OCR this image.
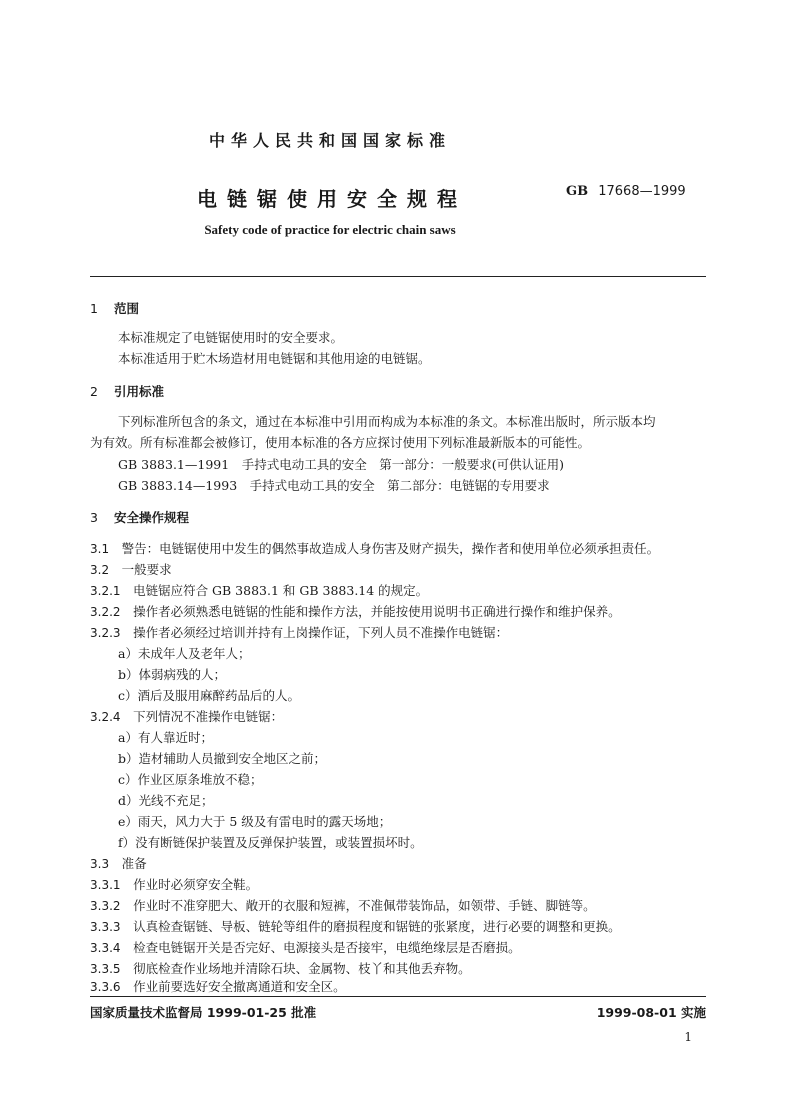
中华人民共和国国家标准
电链锯使用安全规程	GB 17668—1999
Safety code of practice for electric chain saws
1 范围
本标准规定了电链锯使用时的安全要求。
本标准适用于贮木场造材用电链锯和其他用途的电链锯。
2 引用标准
下列标准所包含的条文，通过在本标准中引用而构成为本标准的条文。本标准出版时，所示版本均
为有效。所有标准都会被修订，使用本标准的各方应探讨使用下列标准最新版本的可能性。
GB 3883.1—1991　手持式电动工具的安全　第一部分：一般要求(可供认证用)
GB 3883.14—1993　手持式电动工具的安全　第二部分：电链锯的专用要求
3 安全操作规程
3.1　 警告：电链锯使用中发生的偶然事故造成人身伤害及财产损失，操作者和使用单位必须承担责任。
3.2　 一般要求
3.2.1　 电链锯应符合 GB 3883.1 和 GB 3883.14 的规定。
3.2.2　 操作者必须熟悉电链锯的性能和操作方法，并能按使用说明书正确进行操作和维护保养。
3.2.3　 操作者必须经过培训并持有上岗操作证，下列人员不准操作电链锯：
a）未成年人及老年人；
b）体弱病残的人；
c）酒后及服用麻醉药品后的人。
3.2.4　 下列情况不准操作电链锯：
a）有人靠近时；
b）造材辅助人员撤到安全地区之前；
c）作业区原条堆放不稳；
d）光线不充足；
e）雨天，风力大于 5 级及有雷电时的露天场地；
f）没有断链保护装置及反弹保护装置，或装置损坏时。
3.3　 准备
3.3.1　 作业时必须穿安全鞋。
3.3.2　 作业时不准穿肥大、敞开的衣服和短裤，不准佩带装饰品，如领带、手链、脚链等。
3.3.3　 认真检查锯链、导板、链轮等组件的磨损程度和锯链的张紧度，进行必要的调整和更换。
3.3.4　 检查电链锯开关是否完好、电源接头是否接牢，电缆绝缘层是否磨损。
3.3.5　 彻底检查作业场地并清除石块、金属物、枝丫和其他丢弃物。
3.3.6　 作业前要选好安全撤离通道和安全区。
国家质量技术监督局 1999-01-25 批准	1999-08-01 实施
1
